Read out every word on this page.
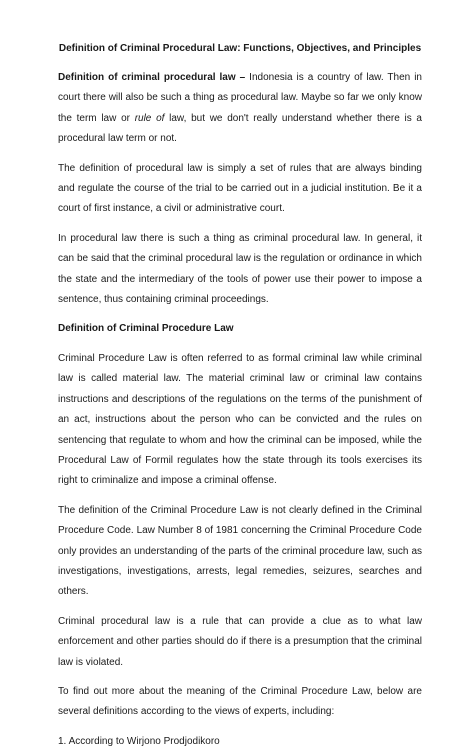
Definition of Criminal Procedural Law: Functions, Objectives, and Principles

Definition of criminal procedural law – Indonesia is a country of law. Then in court there will also be such a thing as procedural law. Maybe so far we only know the term law or rule of law, but we don't really understand whether there is a procedural law term or not.

The definition of procedural law is simply a set of rules that are always binding and regulate the course of the trial to be carried out in a judicial institution. Be it a court of first instance, a civil or administrative court.

In procedural law there is such a thing as criminal procedural law. In general, it can be said that the criminal procedural law is the regulation or ordinance in which the state and the intermediary of the tools of power use their power to impose a sentence, thus containing criminal proceedings.

Definition of Criminal Procedure Law

Criminal Procedure Law is often referred to as formal criminal law while criminal law is called material law. The material criminal law or criminal law contains instructions and descriptions of the regulations on the terms of the punishment of an act, instructions about the person who can be convicted and the rules on sentencing that regulate to whom and how the criminal can be imposed, while the Procedural Law of Formil regulates how the state through its tools exercises its right to criminalize and impose a criminal offense.

The definition of the Criminal Procedure Law is not clearly defined in the Criminal Procedure Code. Law Number 8 of 1981 concerning the Criminal Procedure Code only provides an understanding of the parts of the criminal procedure law, such as investigations, investigations, arrests, legal remedies, seizures, searches and others.

Criminal procedural law is a rule that can provide a clue as to what law enforcement and other parties should do if there is a presumption that the criminal law is violated.

To find out more about the meaning of the Criminal Procedure Law, below are several definitions according to the views of experts, including:

1. According to Wirjono Prodjodikoro
